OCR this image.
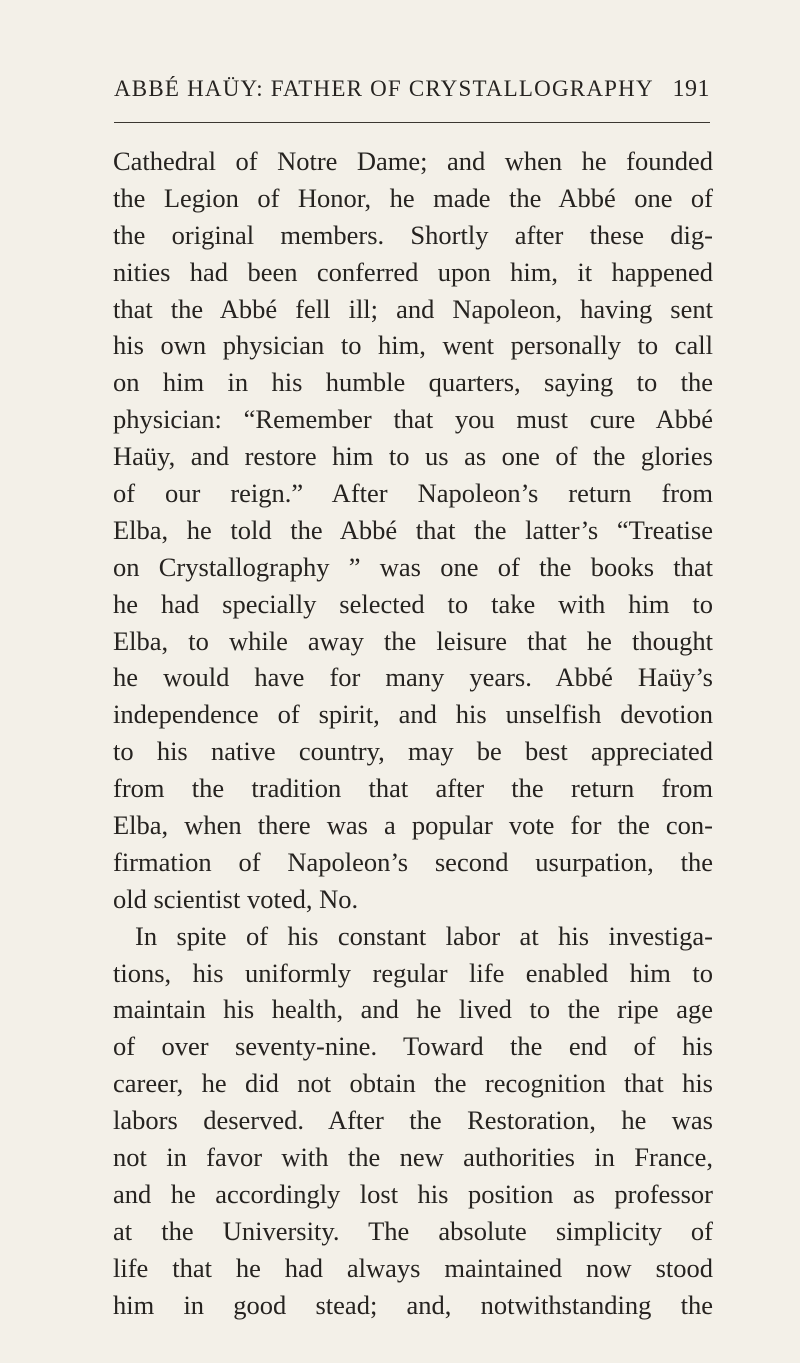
ABBÉ HAÜY: FATHER OF CRYSTALLOGRAPHY 191
Cathedral of Notre Dame; and when he founded
the Legion of Honor, he made the Abbé one of
the original members. Shortly after these dig-
nities had been conferred upon him, it happened
that the Abbé fell ill; and Napoleon, having sent
his own physician to him, went personally to call
on him in his humble quarters, saying to the
physician: “Remember that you must cure Abbé
Haüy, and restore him to us as one of the glories
of our reign.” After Napoleon’s return from
Elba, he told the Abbé that the latter’s “Treatise
on Crystallography ” was one of the books that
he had specially selected to take with him to
Elba, to while away the leisure that he thought
he would have for many years. Abbé Haüy’s
independence of spirit, and his unselfish devotion
to his native country, may be best appreciated
from the tradition that after the return from
Elba, when there was a popular vote for the con-
firmation of Napoleon’s second usurpation, the
old scientist voted, No.
In spite of his constant labor at his investiga-
tions, his uniformly regular life enabled him to
maintain his health, and he lived to the ripe age
of over seventy-nine. Toward the end of his
career, he did not obtain the recognition that his
labors deserved. After the Restoration, he was
not in favor with the new authorities in France,
and he accordingly lost his position as professor
at the University. The absolute simplicity of
life that he had always maintained now stood
him in good stead; and, notwithstanding the
